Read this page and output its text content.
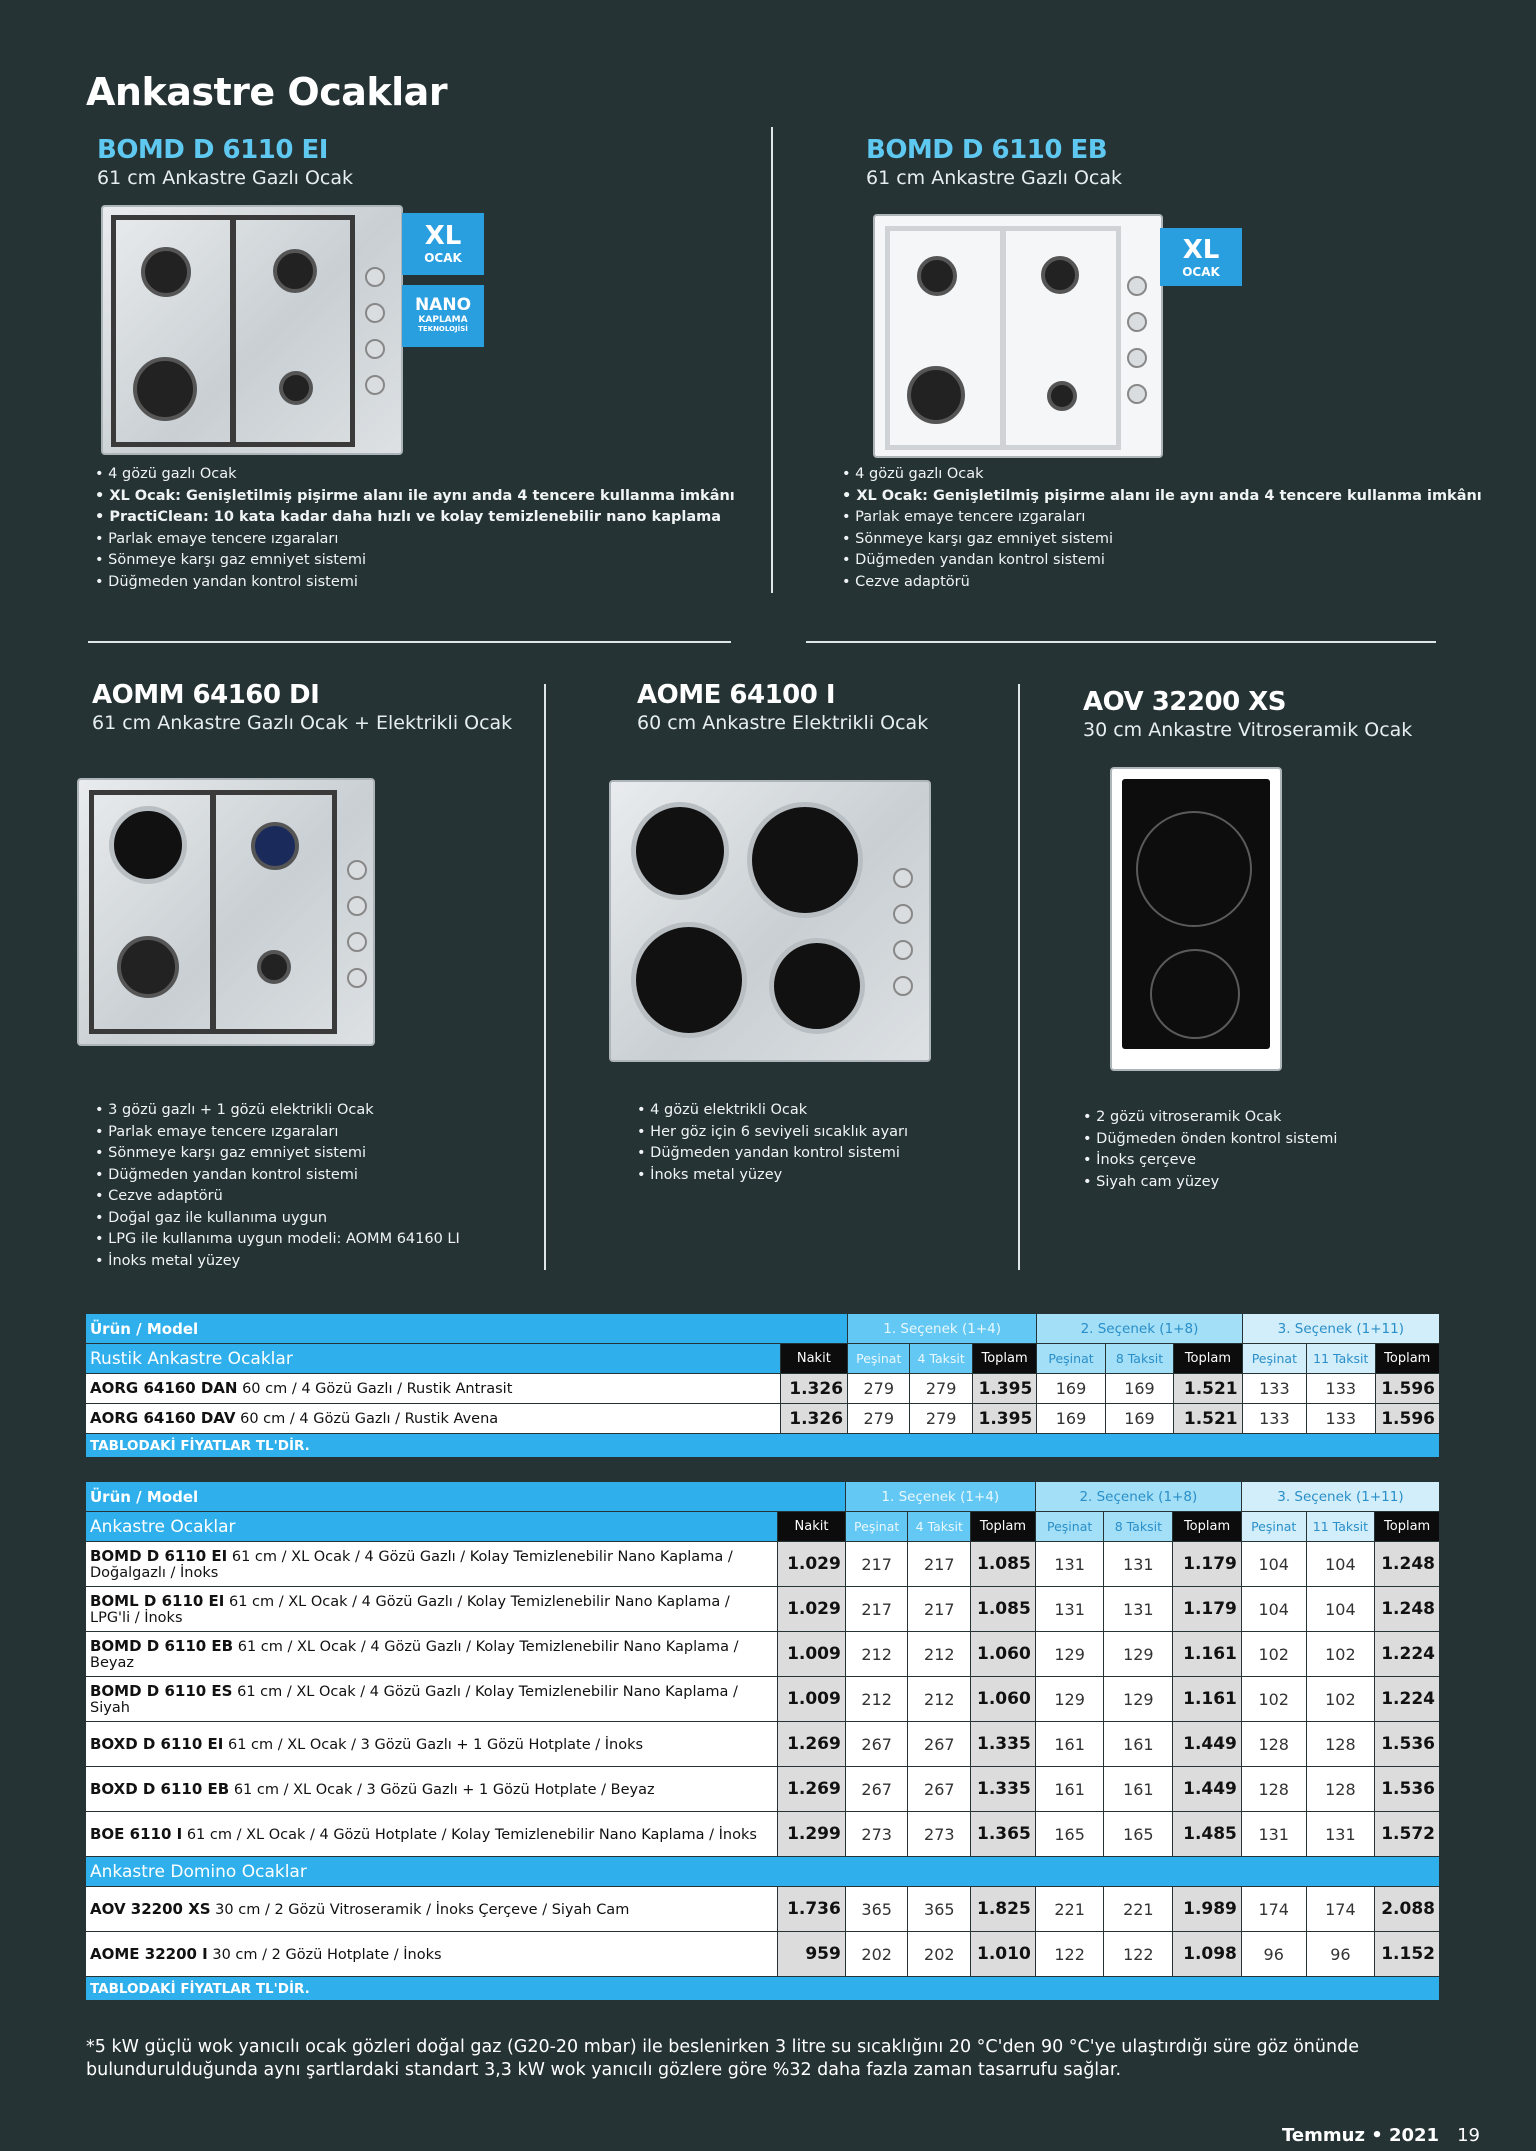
Ankastre Ocaklar
BOMD D 6110 EI
61 cm Ankastre Gazlı Ocak
XL
OCAK
NANO
KAPLAMA
TEKNOLOJİSİ
• 4 gözü gazlı Ocak
• XL Ocak: Genişletilmiş pişirme alanı ile aynı anda 4 tencere kullanma imkânı
• PractiClean: 10 kata kadar daha hızlı ve kolay temizlenebilir nano kaplama
• Parlak emaye tencere ızgaraları
• Sönmeye karşı gaz emniyet sistemi
• Düğmeden yandan kontrol sistemi
BOMD D 6110 EB
61 cm Ankastre Gazlı Ocak
XL
OCAK
• 4 gözü gazlı Ocak
• XL Ocak: Genişletilmiş pişirme alanı ile aynı anda 4 tencere kullanma imkânı
• Parlak emaye tencere ızgaraları
• Sönmeye karşı gaz emniyet sistemi
• Düğmeden yandan kontrol sistemi
• Cezve adaptörü
AOMM 64160 DI
61 cm Ankastre Gazlı Ocak + Elektrikli Ocak
• 3 gözü gazlı + 1 gözü elektrikli Ocak
• Parlak emaye tencere ızgaraları
• Sönmeye karşı gaz emniyet sistemi
• Düğmeden yandan kontrol sistemi
• Cezve adaptörü
• Doğal gaz ile kullanıma uygun
• LPG ile kullanıma uygun modeli: AOMM 64160 LI
• İnoks metal yüzey
AOME 64100 I
60 cm Ankastre Elektrikli Ocak
• 4 gözü elektrikli Ocak
• Her göz için 6 seviyeli sıcaklık ayarı
• Düğmeden yandan kontrol sistemi
• İnoks metal yüzey
AOV 32200 XS
30 cm Ankastre Vitroseramik Ocak
• 2 gözü vitroseramik Ocak
• Düğmeden önden kontrol sistemi
• İnoks çerçeve
• Siyah cam yüzey
Ürün / Model		1. Seçenek (1+4)			2. Seçenek (1+8)			3. Seçenek (1+11)		
Rustik Ankastre Ocaklar	Nakit	Peşinat	4 Taksit	Toplam	Peşinat	8 Taksit	Toplam	Peşinat	11 Taksit	Toplam
AORG 64160 DAN 60 cm / 4 Gözü Gazlı / Rustik Antrasit	1.326	279	279	1.395	169	169	1.521	133	133	1.596
AORG 64160 DAV 60 cm / 4 Gözü Gazlı / Rustik Avena	1.326	279	279	1.395	169	169	1.521	133	133	1.596
TABLODAKİ FİYATLAR TL'DİR.										
Ürün / Model		1. Seçenek (1+4)			2. Seçenek (1+8)			3. Seçenek (1+11)		
Ankastre Ocaklar	Nakit	Peşinat	4 Taksit	Toplam	Peşinat	8 Taksit	Toplam	Peşinat	11 Taksit	Toplam
BOMD D 6110 EI 61 cm / XL Ocak / 4 Gözü Gazlı / Kolay Temizlenebilir Nano Kaplama / Doğalgazlı / İnoks	1.029	217	217	1.085	131	131	1.179	104	104	1.248
BOML D 6110 EI 61 cm / XL Ocak / 4 Gözü Gazlı / Kolay Temizlenebilir Nano Kaplama / LPG'li / İnoks	1.029	217	217	1.085	131	131	1.179	104	104	1.248
BOMD D 6110 EB 61 cm / XL Ocak / 4 Gözü Gazlı / Kolay Temizlenebilir Nano Kaplama / Beyaz	1.009	212	212	1.060	129	129	1.161	102	102	1.224
BOMD D 6110 ES 61 cm / XL Ocak / 4 Gözü Gazlı / Kolay Temizlenebilir Nano Kaplama / Siyah	1.009	212	212	1.060	129	129	1.161	102	102	1.224
BOXD D 6110 EI 61 cm / XL Ocak / 3 Gözü Gazlı + 1 Gözü Hotplate / İnoks	1.269	267	267	1.335	161	161	1.449	128	128	1.536
BOXD D 6110 EB 61 cm / XL Ocak / 3 Gözü Gazlı + 1 Gözü Hotplate / Beyaz	1.269	267	267	1.335	161	161	1.449	128	128	1.536
BOE 6110 I 61 cm / XL Ocak / 4 Gözü Hotplate / Kolay Temizlenebilir Nano Kaplama / İnoks	1.299	273	273	1.365	165	165	1.485	131	131	1.572
Ankastre Domino Ocaklar										
AOV 32200 XS 30 cm / 2 Gözü Vitroseramik / İnoks Çerçeve / Siyah Cam	1.736	365	365	1.825	221	221	1.989	174	174	2.088
AOME 32200 I 30 cm / 2 Gözü Hotplate / İnoks	959	202	202	1.010	122	122	1.098	96	96	1.152
TABLODAKİ FİYATLAR TL'DİR.										
*5 kW güçlü wok yanıcılı ocak gözleri doğal gaz (G20-20 mbar) ile beslenirken 3 litre su sıcaklığını 20 °C'den 90 °C'ye ulaştırdığı süre göz önünde bulundurulduğunda aynı şartlardaki standart 3,3 kW wok yanıcılı gözlere göre %32 daha fazla zaman tasarrufu sağlar.
Temmuz • 2021 19
